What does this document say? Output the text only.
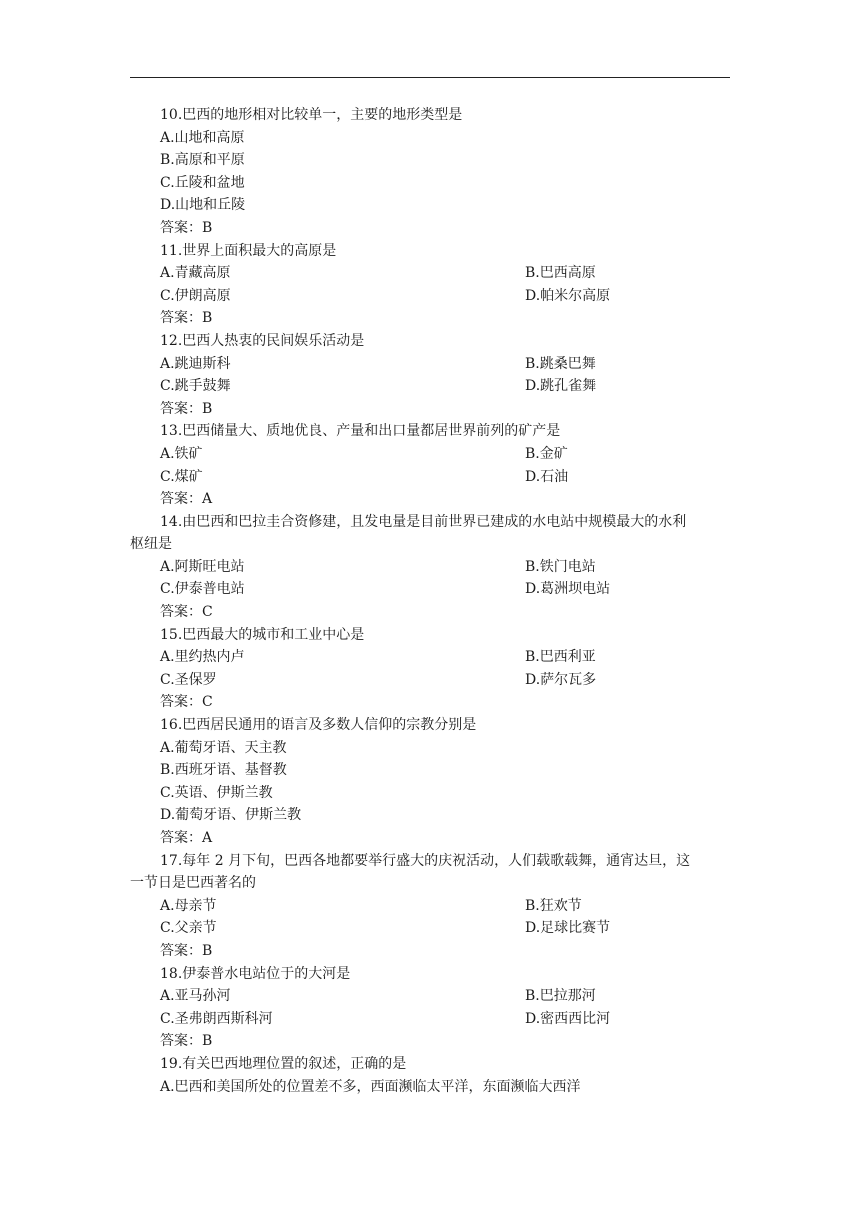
10.巴西的地形相对比较单一，主要的地形类型是
A.山地和高原
B.高原和平原
C.丘陵和盆地
D.山地和丘陵
答案：B
11.世界上面积最大的高原是
A.青藏高原	B.巴西高原
C.伊朗高原	D.帕米尔高原
答案：B
12.巴西人热衷的民间娱乐活动是
A.跳迪斯科	B.跳桑巴舞
C.跳手鼓舞	D.跳孔雀舞
答案：B
13.巴西储量大、质地优良、产量和出口量都居世界前列的矿产是
A.铁矿	B.金矿
C.煤矿	D.石油
答案：A
14.由巴西和巴拉圭合资修建，且发电量是目前世界已建成的水电站中规模最大的水利
枢纽是
A.阿斯旺电站	B.铁门电站
C.伊泰普电站	D.葛洲坝电站
答案：C
15.巴西最大的城市和工业中心是
A.里约热内卢	B.巴西利亚
C.圣保罗	D.萨尔瓦多
答案：C
16.巴西居民通用的语言及多数人信仰的宗教分别是
A.葡萄牙语、天主教
B.西班牙语、基督教
C.英语、伊斯兰教
D.葡萄牙语、伊斯兰教
答案：A
17.每年 2 月下旬，巴西各地都要举行盛大的庆祝活动，人们载歌载舞，通宵达旦，这
一节日是巴西著名的
A.母亲节	B.狂欢节
C.父亲节	D.足球比赛节
答案：B
18.伊泰普水电站位于的大河是
A.亚马孙河	B.巴拉那河
C.圣弗朗西斯科河	D.密西西比河
答案：B
19.有关巴西地理位置的叙述，正确的是
A.巴西和美国所处的位置差不多，西面濒临太平洋，东面濒临大西洋
